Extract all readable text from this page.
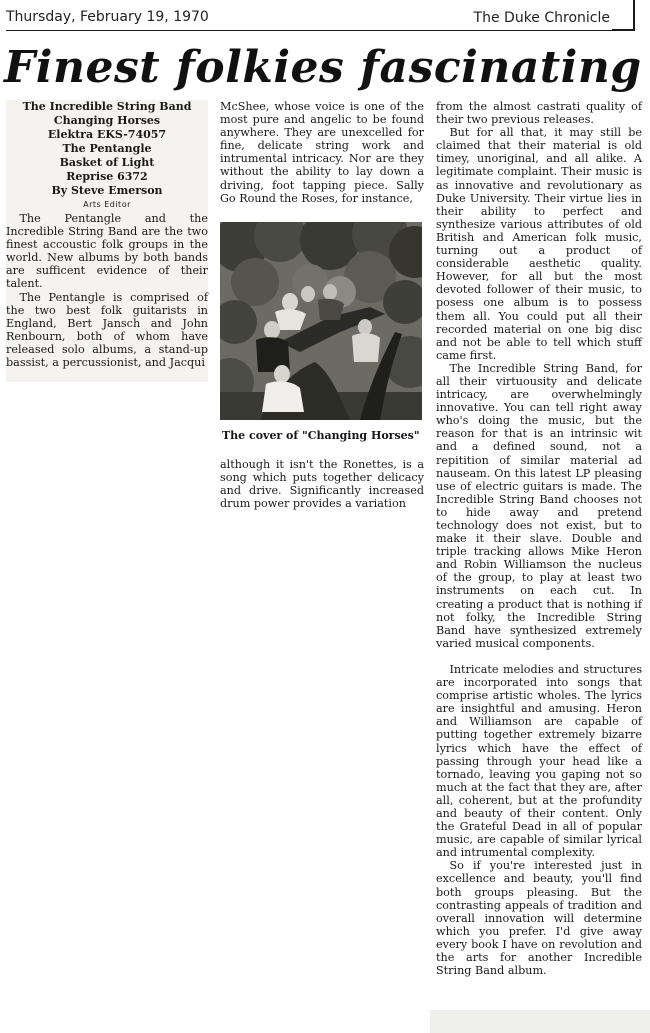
Thursday, February 19, 1970	The Duke Chronicle
Finest folkies fascinating
The Incredible String Band
Changing Horses
Elektra EKS-74057
The Pentangle
Basket of Light
Reprise 6372
By Steve Emerson
Arts Editor

The Pentangle and the Incredible String Band are the two finest accoustic folk groups in the world. New albums by both bands are sufficent evidence of their talent.

The Pentangle is comprised of the two best folk guitarists in England, Bert Jansch and John Renbourn, both of whom have released solo albums, a stand-up bassist, a percussionist, and Jacqui

McShee, whose voice is one of the most pure and angelic to be found anywhere. They are unexcelled for fine, delicate string work and intrumental intricacy. Nor are they without the ability to lay down a driving, foot tapping piece. Sally Go Round the Roses, for instance,

The cover of "Changing Horses"

although it isn't the Ronettes, is a song which puts together delicacy and drive. Significantly increased drum power provides a variation

from the almost castrati quality of their two previous releases.

But for all that, it may still be claimed that their material is old timey, unoriginal, and all alike. A legitimate complaint. Their music is as innovative and revolutionary as Duke University. Their virtue lies in their ability to perfect and synthesize various attributes of old British and American folk music, turning out a product of considerable aesthetic quality. However, for all but the most devoted follower of their music, to posess one album is to possess them all. You could put all their recorded material on one big disc and not be able to tell which stuff came first.

The Incredible String Band, for all their virtuousity and delicate intricacy, are overwhelmingly innovative. You can tell right away who's doing the music, but the reason for that is an intrinsic wit and a defined sound, not a repitition of similar material ad nauseam. On this latest LP pleasing use of electric guitars is made. The Incredible String Band chooses not to hide away and pretend technology does not exist, but to make it their slave. Double and triple tracking allows Mike Heron and Robin Williamson the nucleus of the group, to play at least two instruments on each cut. In creating a product that is nothing if not folky, the Incredible String Band have synthesized extremely varied musical components.

Intricate melodies and structures are incorporated into songs that comprise artistic wholes. The lyrics are insightful and amusing. Heron and Williamson are capable of putting together extremely bizarre lyrics which have the effect of passing through your head like a tornado, leaving you gaping not so much at the fact that they are, after all, coherent, but at the profundity and beauty of their content. Only the Grateful Dead in all of popular music, are capable of similar lyrical and intrumental complexity.

So if you're interested just in excellence and beauty, you'll find both groups pleasing. But the contrasting appeals of tradition and overall innovation will determine which you prefer. I'd give away every book I have on revolution and the arts for another Incredible String Band album.
